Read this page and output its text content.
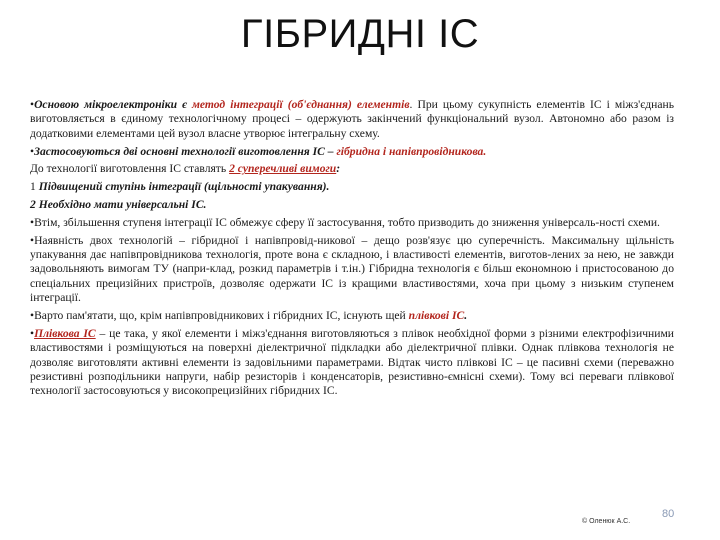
ГІБРИДНІ ІС

•Основою мікроелектроніки є метод інтеграції (об'єднання) елементів. При цьому сукупність елементів ІС і міжз'єднань виготовляється в єдиному технологічному процесі – одержують закінчений функціональний вузол. Автономно або разом із додатковими елементами цей вузол власне утворює інтегральну схему.

•Застосовуються дві основні технології виготовлення ІС – гібридна і напівпровідникова.

До технології виготовлення ІС ставлять 2 суперечливі вимоги:

1 Підвищений ступінь інтеграції (щільності упакування).

2 Необхідно мати універсальні ІС.

•Втім, збільшення ступеня інтеграції ІС обмежує сферу її застосування, тобто призводить до зниження універсаль-ності схеми.

•Наявність двох технологій – гібридної і напівпровід-никової – дещо розв'язує цю суперечність. Максимальну щільність упакування дає напівпровідникова технологія, проте вона є складною, і властивості елементів, виготов-лених за нею, не завжди задовольняють вимогам ТУ (напри-клад, розкид параметрів і т.ін.) Гібридна технологія є більш економною і пристосованою до спеціальних прецизійних пристроїв, дозволяє одержати ІС із кращими властивостями, хоча при цьому з низьким ступенем інтеграції.

•Варто пам'ятати, що, крім напівпровідникових і гібридних ІС, існують щей плівкові ІС.

•Плівкова ІС – це така, у якої елементи і міжз'єднання виготовляються з плівок необхідної форми з різними електрофізичними властивостями і розміщуються на поверхні діелектричної підкладки або діелектричної плівки. Однак плівкова технологія не дозволяє виготовляти активні елементи із задовільними параметрами. Відтак чисто плівкові ІС – це пасивні схеми (переважно резистивні розподільники напруги, набір резисторів і конденсаторів, резистивно-ємнісні схеми). Тому всі переваги плівкової технології застосовуються у високопрецизійних гібридних ІС.

© Оленюк А.С.
80
